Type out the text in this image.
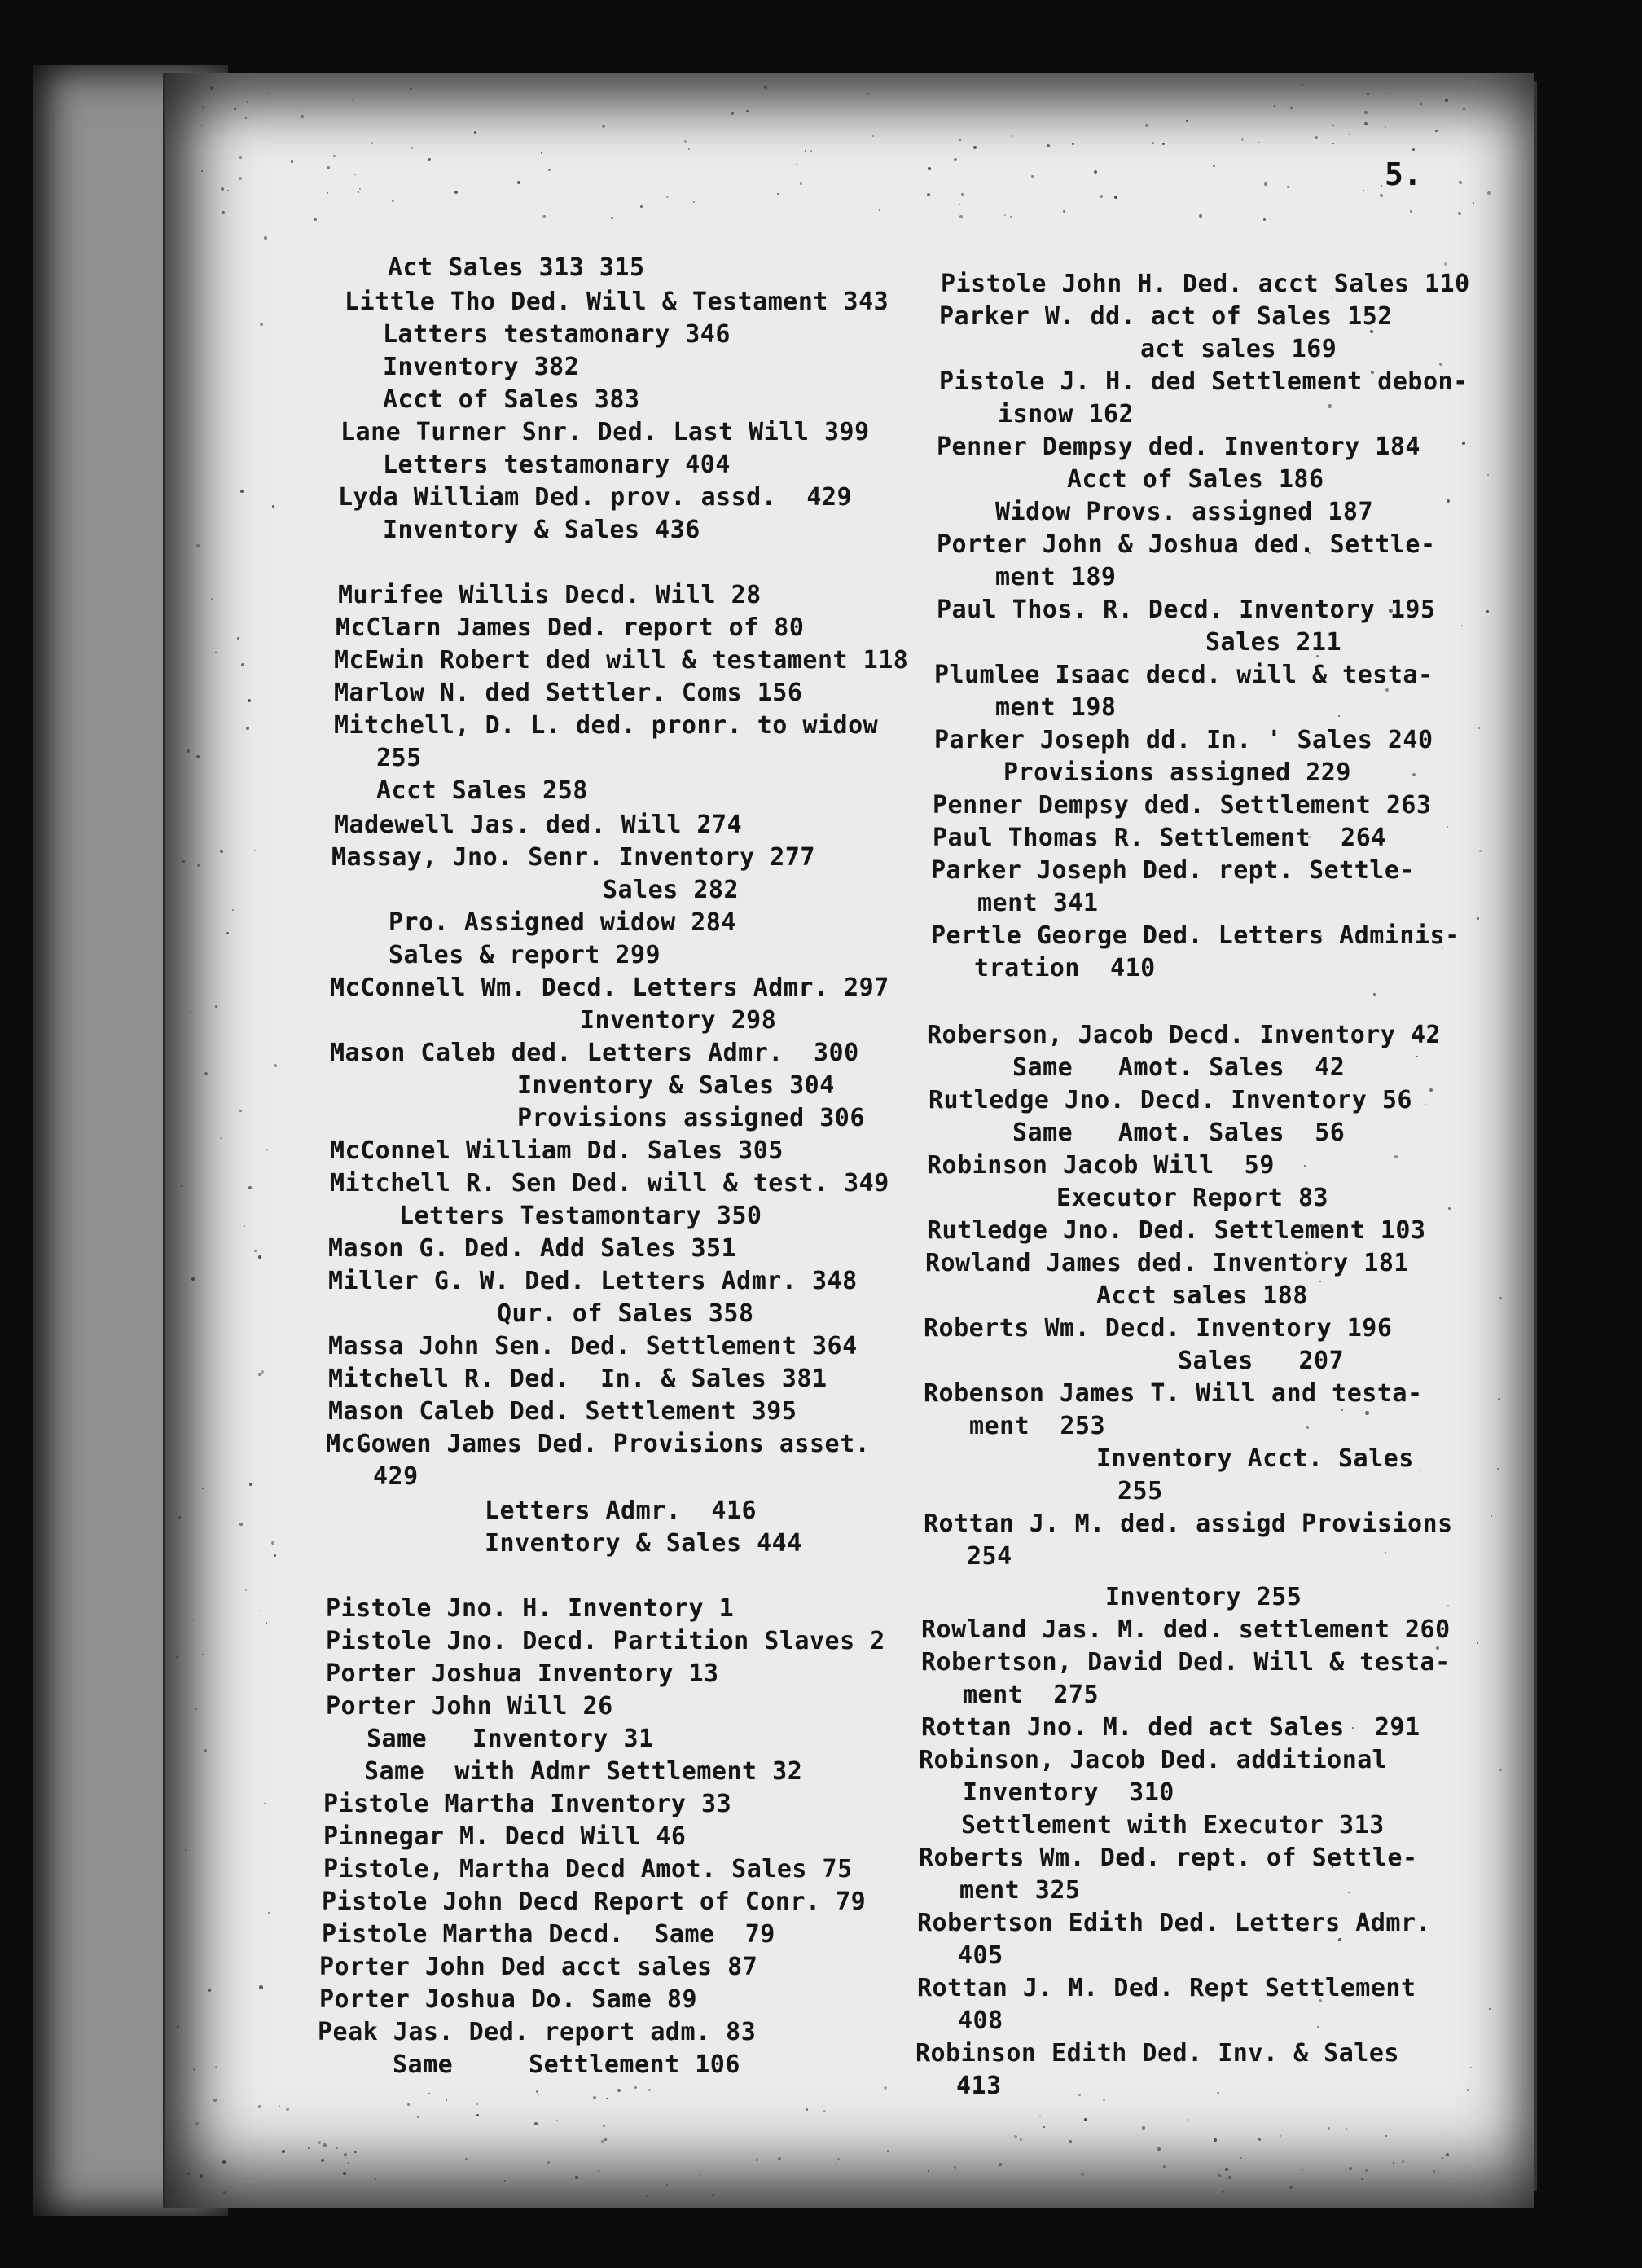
5.
Act Sales 313 315
Little Tho Ded. Will & Testament 343
Latters testamonary 346
Inventory 382
Acct of Sales 383
Lane Turner Snr. Ded. Last Will 399
Letters testamonary 404
Lyda William Ded. prov. assd.  429
Inventory & Sales 436
Murifee Willis Decd. Will 28
McClarn James Ded. report of 80
McEwin Robert ded will & testament 118
Marlow N. ded Settler. Coms 156
Mitchell, D. L. ded. pronr. to widow
255
Acct Sales 258
Madewell Jas. ded. Will 274
Massay, Jno. Senr. Inventory 277
Sales 282
Pro. Assigned widow 284
Sales & report 299
McConnell Wm. Decd. Letters Admr. 297
Inventory 298
Mason Caleb ded. Letters Admr.  300
Inventory & Sales 304
Provisions assigned 306
McConnel William Dd. Sales 305
Mitchell R. Sen Ded. will & test. 349
Letters Testamontary 350
Mason G. Ded. Add Sales 351
Miller G. W. Ded. Letters Admr. 348
Qur. of Sales 358
Massa John Sen. Ded. Settlement 364
Mitchell R. Ded.  In. & Sales 381
Mason Caleb Ded. Settlement 395
McGowen James Ded. Provisions asset.
429
Letters Admr.  416
Inventory & Sales 444
Pistole Jno. H. Inventory 1
Pistole Jno. Decd. Partition Slaves 2
Porter Joshua Inventory 13
Porter John Will 26
Same   Inventory 31
Same  with Admr Settlement 32
Pistole Martha Inventory 33
Pinnegar M. Decd Will 46
Pistole, Martha Decd Amot. Sales 75
Pistole John Decd Report of Conr. 79
Pistole Martha Decd.  Same  79
Porter John Ded acct sales 87
Porter Joshua Do. Same 89
Peak Jas. Ded. report adm. 83
Same     Settlement 106
Pistole John H. Ded. acct Sales 110
Parker W. dd. act of Sales 152
act sales 169
Pistole J. H. ded Settlement debon-
isnow 162
Penner Dempsy ded. Inventory 184
Acct of Sales 186
Widow Provs. assigned 187
Porter John & Joshua ded. Settle-
ment 189
Paul Thos. R. Decd. Inventory 195
Sales 211
Plumlee Isaac decd. will & testa-
ment 198
Parker Joseph dd. In. ' Sales 240
Provisions assigned 229
Penner Dempsy ded. Settlement 263
Paul Thomas R. Settlement  264
Parker Joseph Ded. rept. Settle-
ment 341
Pertle George Ded. Letters Adminis-
tration  410
Roberson, Jacob Decd. Inventory 42
Same   Amot. Sales  42
Rutledge Jno. Decd. Inventory 56
Same   Amot. Sales  56
Robinson Jacob Will  59
Executor Report 83
Rutledge Jno. Ded. Settlement 103
Rowland James ded. Inventory 181
Acct sales 188
Roberts Wm. Decd. Inventory 196
Sales   207
Robenson James T. Will and testa-
ment  253
Inventory Acct. Sales
255
Rottan J. M. ded. assigd Provisions
254
Inventory 255
Rowland Jas. M. ded. settlement 260
Robertson, David Ded. Will & testa-
ment  275
Rottan Jno. M. ded act Sales  291
Robinson, Jacob Ded. additional
Inventory  310
Settlement with Executor 313
Roberts Wm. Ded. rept. of Settle-
ment 325
Robertson Edith Ded. Letters Admr.
405
Rottan J. M. Ded. Rept Settlement
408
Robinson Edith Ded. Inv. & Sales
413
